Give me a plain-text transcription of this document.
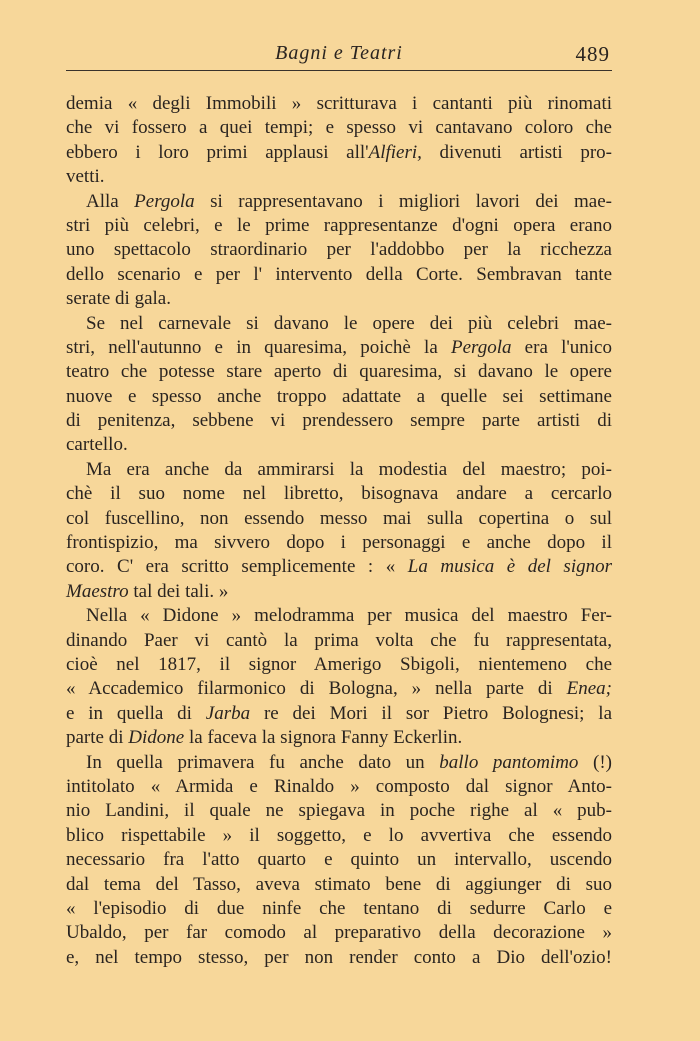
Bagni e Teatri	489
demia « degli Immobili » scritturava i cantanti più rinomati
che vi fossero a quei tempi; e spesso vi cantavano coloro che
ebbero i loro primi applausi all'Alfieri, divenuti artisti pro-
vetti.
Alla Pergola si rappresentavano i migliori lavori dei mae-
stri più celebri, e le prime rappresentanze d'ogni opera erano
uno spettacolo straordinario per l'addobbo per la ricchezza
dello scenario e per l' intervento della Corte. Sembravan tante
serate di gala.
Se nel carnevale si davano le opere dei più celebri mae-
stri, nell'autunno e in quaresima, poichè la Pergola era l'unico
teatro che potesse stare aperto di quaresima, si davano le opere
nuove e spesso anche troppo adattate a quelle sei settimane
di penitenza, sebbene vi prendessero sempre parte artisti di
cartello.
Ma era anche da ammirarsi la modestia del maestro; poi-
chè il suo nome nel libretto, bisognava andare a cercarlo
col fuscellino, non essendo messo mai sulla copertina o sul
frontispizio, ma sivvero dopo i personaggi e anche dopo il
coro. C' era scritto semplicemente : « La musica è del signor
Maestro tal dei tali. »
Nella « Didone » melodramma per musica del maestro Fer-
dinando Paer vi cantò la prima volta che fu rappresentata,
cioè nel 1817, il signor Amerigo Sbigoli, nientemeno che
« Accademico filarmonico di Bologna, » nella parte di Enea;
e in quella di Jarba re dei Mori il sor Pietro Bolognesi; la
parte di Didone la faceva la signora Fanny Eckerlin.
In quella primavera fu anche dato un ballo pantomimo (!)
intitolato « Armida e Rinaldo » composto dal signor Anto-
nio Landini, il quale ne spiegava in poche righe al « pub-
blico rispettabile » il soggetto, e lo avvertiva che essendo
necessario fra l'atto quarto e quinto un intervallo, uscendo
dal tema del Tasso, aveva stimato bene di aggiunger di suo
« l'episodio di due ninfe che tentano di sedurre Carlo e
Ubaldo, per far comodo al preparativo della decorazione »
e, nel tempo stesso, per non render conto a Dio dell'ozio!
